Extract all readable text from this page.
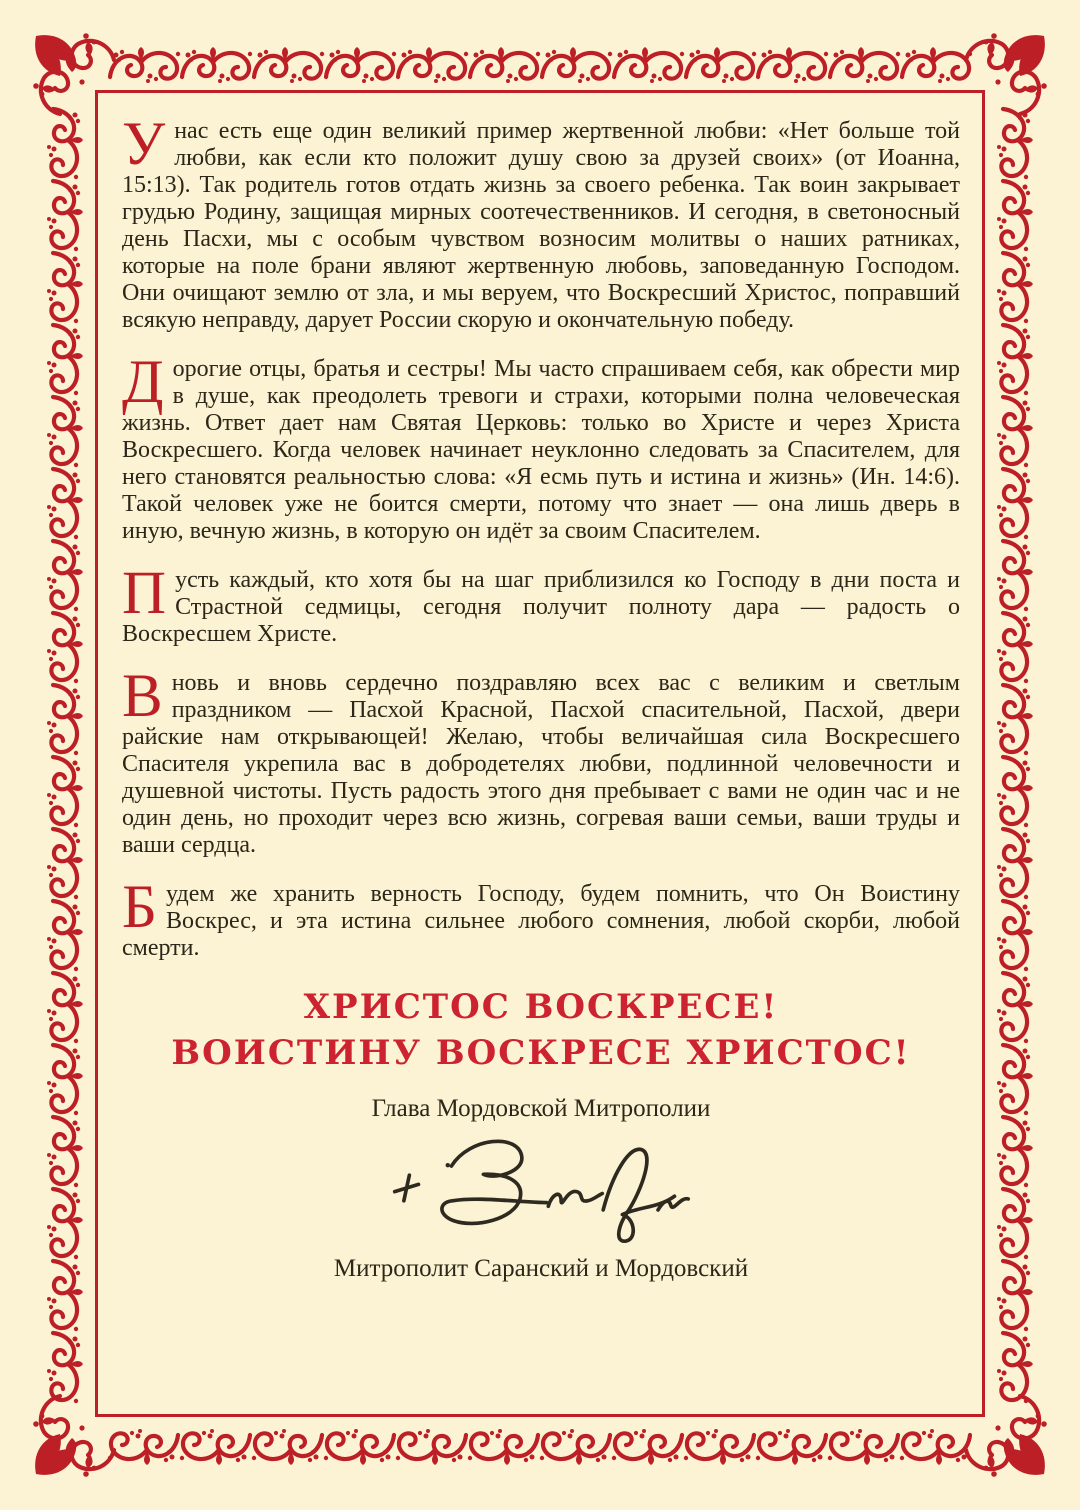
Унас есть еще один великий пример жертвенной любви: «Нет больше той любви, как если кто положит душу свою за друзей своих» (от Иоанна, 15:13). Так родитель готов отдать жизнь за своего ребенка. Так воин закрывает грудью Родину, защищая мирных соотечественников. И сегодня, в светоносный день Пасхи, мы с особым чувством возносим молитвы о наших ратниках, которые на поле брани являют жертвенную любовь, заповеданную Господом. Они очищают землю от зла, и мы веруем, что Воскресший Христос, поправший всякую неправду, дарует России скорую и окончательную победу.

Дорогие отцы, братья и сестры! Мы часто спрашиваем себя, как обрести мир в душе, как преодолеть тревоги и страхи, которыми полна человеческая жизнь. Ответ дает нам Святая Церковь: только во Христе и через Христа Воскресшего. Когда человек начинает неуклонно следовать за Спасителем, для него становятся реальностью слова: «Я есмь путь и истина и жизнь» (Ин. 14:6). Такой человек уже не боится смерти, потому что знает — она лишь дверь в иную, вечную жизнь, в которую он идёт за своим Спасителем.

Пусть каждый, кто хотя бы на шаг приблизился ко Господу в дни поста и Страстной седмицы, сегодня получит полноту дара — радость о Воскресшем Христе.

Вновь и вновь сердечно поздравляю всех вас с великим и светлым праздником — Пасхой Красной, Пасхой спасительной, Пасхой, двери райские нам открывающей! Желаю, чтобы величайшая сила Воскресшего Спасителя укрепила вас в добродетелях любви, подлинной человечности и душевной чистоты. Пусть радость этого дня пребывает с вами не один час и не один день, но проходит через всю жизнь, согревая ваши семьи, ваши труды и ваши сердца.

Будем же хранить верность Господу, будем помнить, что Он Воистину Воскрес, и эта истина сильнее любого сомнения, любой скорби, любой смерти.

ХРИСТОС ВОСКРЕСЕ!
ВОИСТИНУ ВОСКРЕСЕ ХРИСТОС!
Глава Мордовской Митрополии
Митрополит Саранский и Мордовский
